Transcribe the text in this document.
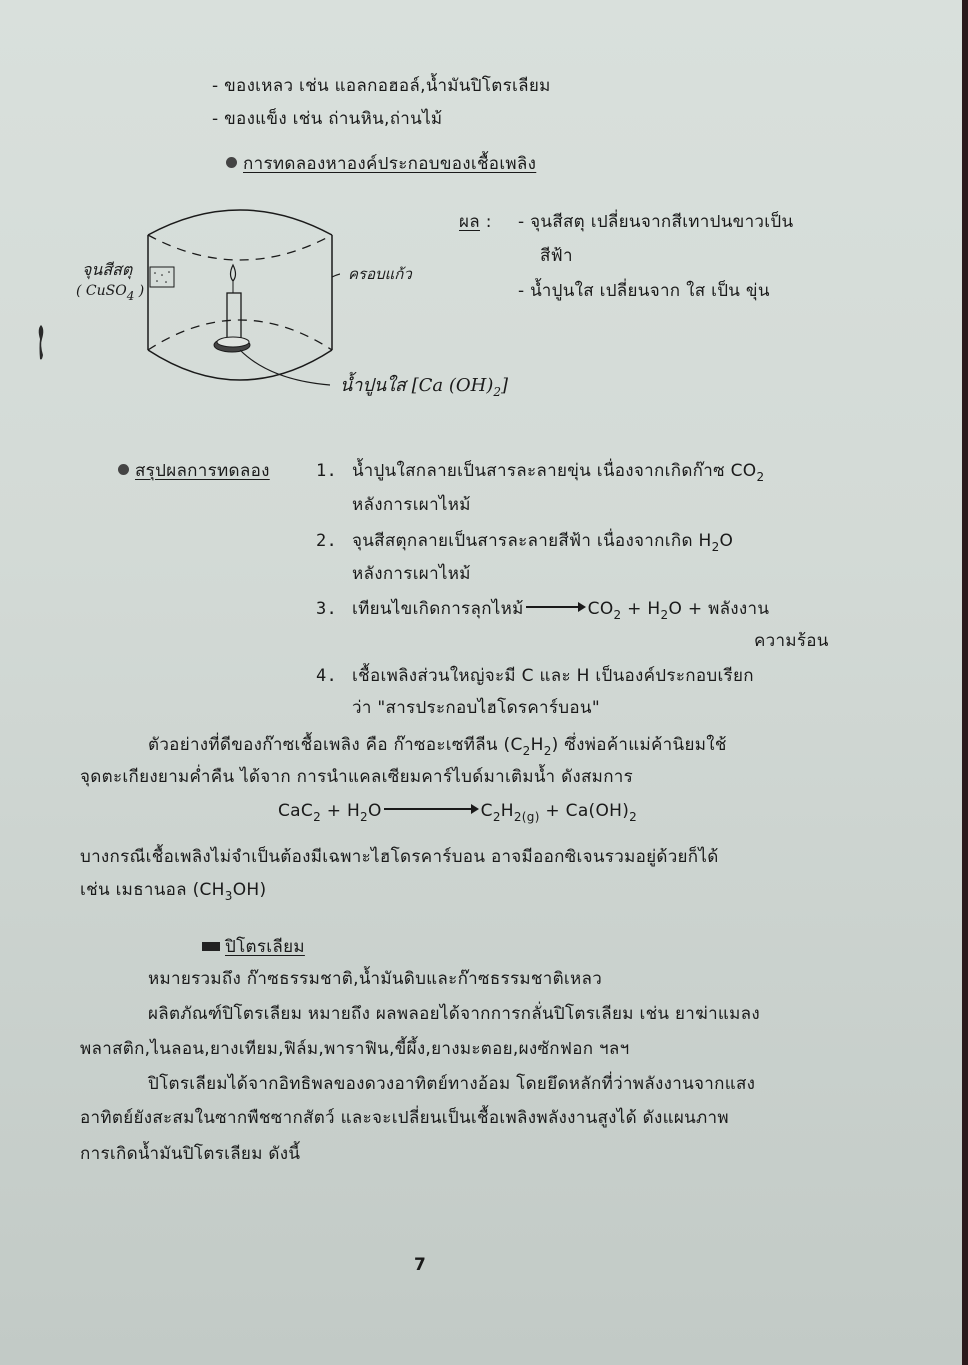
- ของเหลว เช่น แอลกอฮอล์,น้ำมันปิโตรเลียม
- ของแข็ง เช่น ถ่านหิน,ถ่านไม้
การทดลองหาองค์ประกอบของเชื้อเพลิง
จุนสีสตุ
( CuSO$_4$ )
ครอบแก้ว
น้ำปูนใส [Ca $(OH)_2$]
ผล : - จุนสีสตุ เปลี่ยนจากสีเทาปนขาวเป็น
สีฟ้า
- น้ำปูนใส เปลี่ยนจาก ใส เป็น ขุ่น
สรุปผลการทดลอง	1. น้ำปูนใสกลายเป็นสารละลายขุ่น เนื่องจากเกิดก๊าซ $CO_2$
หลังการเผาไหม้
2. จุนสีสตุกลายเป็นสารละลายสีฟ้า เนื่องจากเกิด $H_2O$
หลังการเผาไหม้
3. เทียนไขเกิดการลุกไหม้	$CO_2 + H_2O$ + พลังงาน
ความร้อน
4. เชื้อเพลิงส่วนใหญ่จะมี C และ H เป็นองค์ประกอบเรียก
ว่า "สารประกอบไฮโดรคาร์บอน"
ตัวอย่างที่ดีของก๊าซเชื้อเพลิง คือ ก๊าซอะเซทีลีน $(C_2H_2)$ ซึ่งพ่อค้าแม่ค้านิยมใช้
จุดตะเกียงยามค่ำคืน ได้จาก การนำแคลเซียมคาร์ไบด์มาเติมน้ำ ดังสมการ
$CaC_2 + H_2O$	$C_2H_{2(g)} + Ca(OH)_2$
บางกรณีเชื้อเพลิงไม่จำเป็นต้องมีเฉพาะไฮโดรคาร์บอน อาจมีออกซิเจนรวมอยู่ด้วยก็ได้
เช่น เมธานอล $(CH_3OH)$
ปิโตรเลียม
หมายรวมถึง ก๊าซธรรมชาติ,น้ำมันดิบและก๊าซธรรมชาติเหลว
ผลิตภัณฑ์ปิโตรเลียม หมายถึง ผลพลอยได้จากการกลั่นปิโตรเลียม เช่น ยาฆ่าแมลง
พลาสติก,ไนลอน,ยางเทียม,ฟิล์ม,พาราฟิน,ขี้ผึ้ง,ยางมะตอย,ผงซักฟอก ฯลฯ
ปิโตรเลียมได้จากอิทธิพลของดวงอาทิตย์ทางอ้อม โดยยึดหลักที่ว่าพลังงานจากแสง
อาทิตย์ยังสะสมในซากพืชซากสัตว์ และจะเปลี่ยนเป็นเชื้อเพลิงพลังงานสูงได้ ดังแผนภาพ
การเกิดน้ำมันปิโตรเลียม ดังนี้
7
